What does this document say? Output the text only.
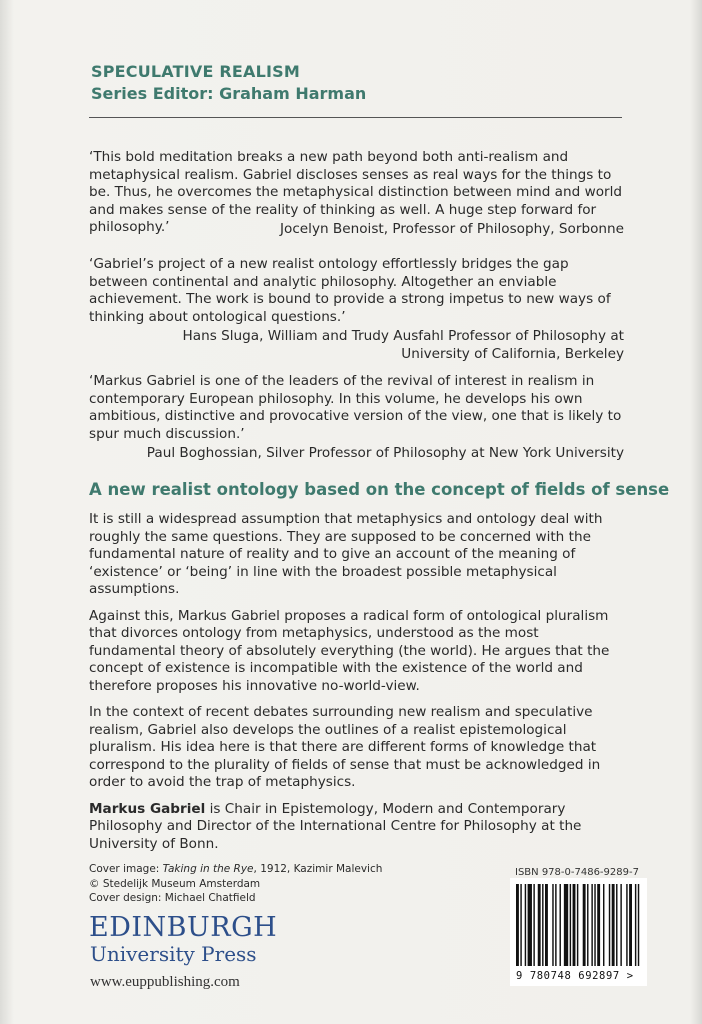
SPECULATIVE REALISM
Series Editor: Graham Harman

‘This bold meditation breaks a new path beyond both anti-realism and metaphysical realism. Gabriel discloses senses as real ways for the things to be. Thus, he overcomes the metaphysical distinction between mind and world and makes sense of the reality of thinking as well. A huge step forward for philosophy.’	Jocelyn Benoist, Professor of Philosophy, Sorbonne

‘Gabriel’s project of a new realist ontology effortlessly bridges the gap between continental and analytic philosophy. Altogether an enviable achievement. The work is bound to provide a strong impetus to new ways of thinking about ontological questions.’

Hans Sluga, William and Trudy Ausfahl Professor of Philosophy at
University of California, Berkeley

‘Markus Gabriel is one of the leaders of the revival of interest in realism in contemporary European philosophy. In this volume, he develops his own ambitious, distinctive and provocative version of the view, one that is likely to spur much discussion.’

Paul Boghossian, Silver Professor of Philosophy at New York University
A new realist ontology based on the concept of fields of sense

It is still a widespread assumption that metaphysics and ontology deal with roughly the same questions. They are supposed to be concerned with the fundamental nature of reality and to give an account of the meaning of ‘existence’ or ‘being’ in line with the broadest possible metaphysical assumptions.

Against this, Markus Gabriel proposes a radical form of ontological pluralism that divorces ontology from metaphysics, understood as the most fundamental theory of absolutely everything (the world). He argues that the concept of existence is incompatible with the existence of the world and therefore proposes his innovative no-world-view.

In the context of recent debates surrounding new realism and speculative realism, Gabriel also develops the outlines of a realist epistemological pluralism. His idea here is that there are different forms of knowledge that correspond to the plurality of fields of sense that must be acknowledged in order to avoid the trap of metaphysics.

Markus Gabriel is Chair in Epistemology, Modern and Contemporary Philosophy and Director of the International Centre for Philosophy at the University of Bonn.

Cover image: Taking in the Rye, 1912, Kazimir Malevich
© Stedelijk Museum Amsterdam
Cover design: Michael Chatfield
EDINBURGH
University Press
www.euppublishing.com
ISBN 978-0-7486-9289-7
9 780748 692897 >
